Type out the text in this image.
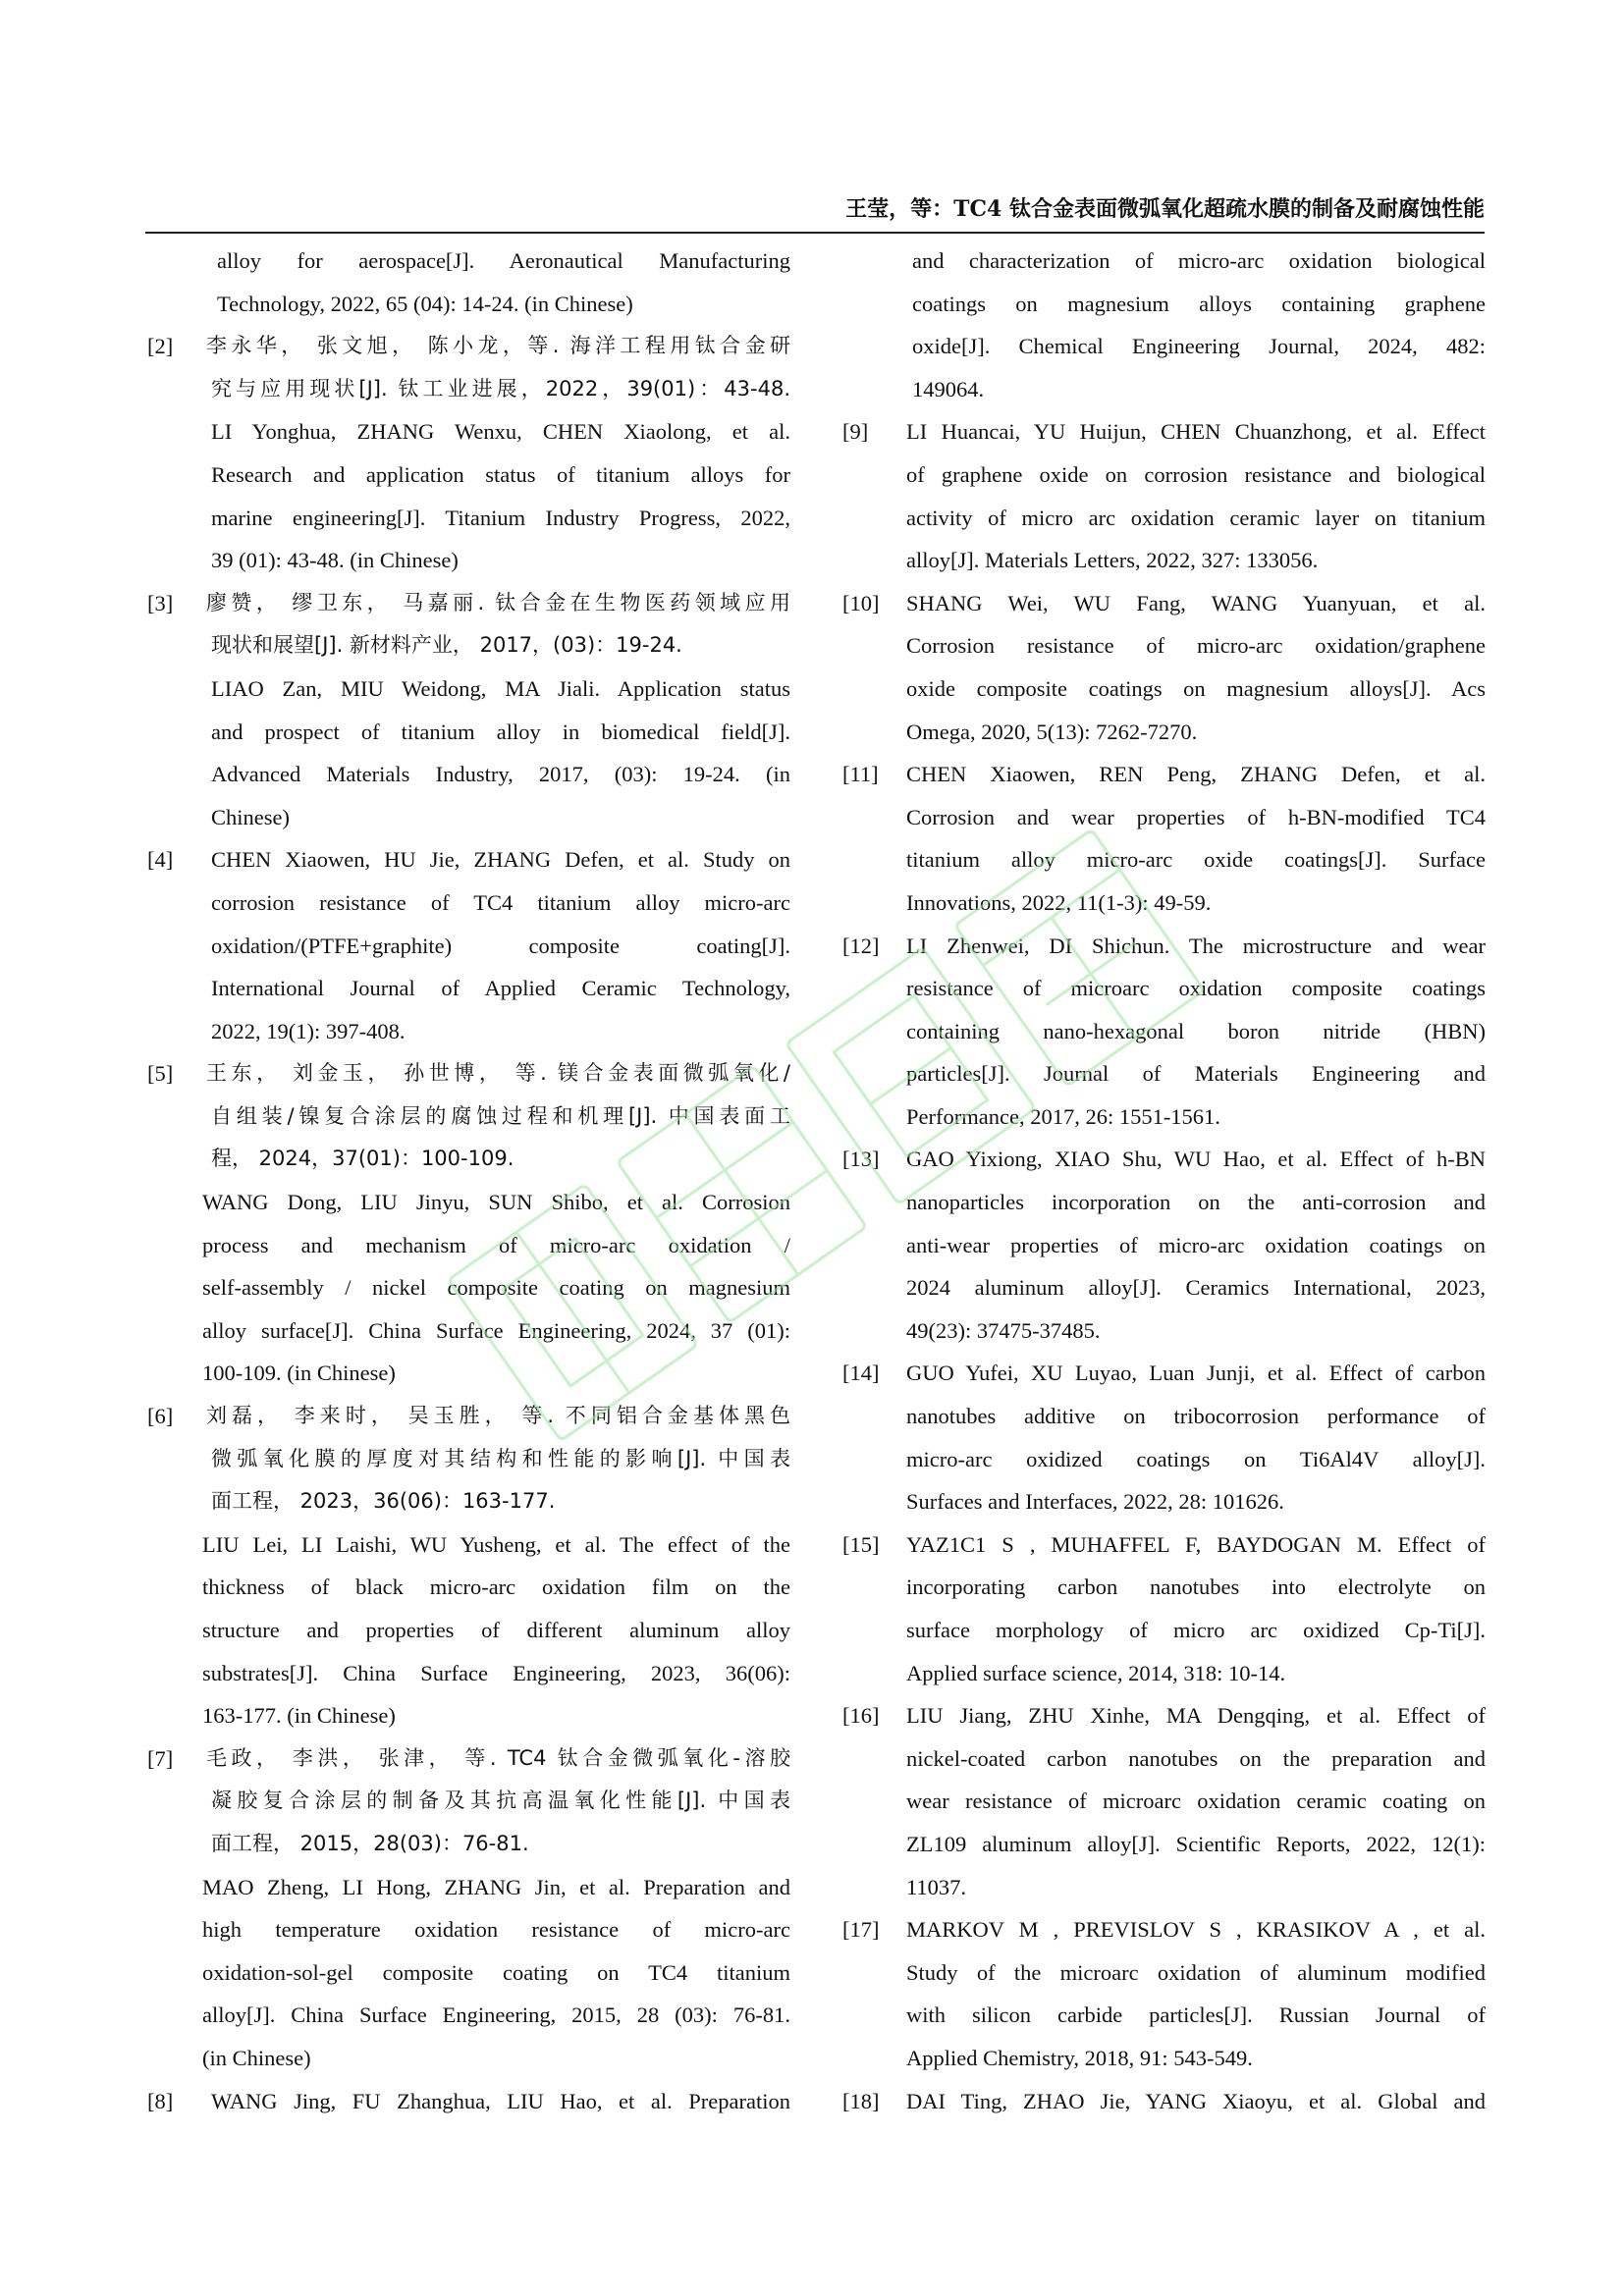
王莹，等：TC4 钛合金表面微弧氧化超疏水膜的制备及耐腐蚀性能
alloy for aerospace[J]. Aeronautical Manufacturing
Technology, 2022, 65 (04): 14-24. (in Chinese)
[2] 李永华， 张文旭， 陈小龙，等. 海洋工程用钛合金研
究与应用现状[J]. 钛工业进展，2022，39(01)：43-48.
LI Yonghua, ZHANG Wenxu, CHEN Xiaolong, et al.
Research and application status of titanium alloys for
marine engineering[J]. Titanium Industry Progress, 2022,
39 (01): 43-48. (in Chinese)
[3] 廖赞， 缪卫东， 马嘉丽. 钛合金在生物医药领域应用
现状和展望[J]. 新材料产业， 2017，(03)：19-24.
LIAO Zan, MIU Weidong, MA Jiali. Application status
and prospect of titanium alloy in biomedical field[J].
Advanced Materials Industry, 2017, (03): 19-24. (in
Chinese)
[4] CHEN Xiaowen, HU Jie, ZHANG Defen, et al. Study on
corrosion resistance of TC4 titanium alloy micro-arc
oxidation/(PTFE+graphite) composite coating[J].
International Journal of Applied Ceramic Technology,
2022, 19(1): 397-408.
[5] 王东， 刘金玉， 孙世博， 等. 镁合金表面微弧氧化/
自组装/镍复合涂层的腐蚀过程和机理[J]. 中国表面工
程， 2024，37(01)：100-109.
WANG Dong, LIU Jinyu, SUN Shibo, et al. Corrosion
process and mechanism of micro-arc oxidation /
self-assembly / nickel composite coating on magnesium
alloy surface[J]. China Surface Engineering, 2024, 37 (01):
100-109. (in Chinese)
[6] 刘磊， 李来时， 吴玉胜， 等. 不同铝合金基体黑色
微弧氧化膜的厚度对其结构和性能的影响[J]. 中国表
面工程， 2023，36(06)：163-177.
LIU Lei, LI Laishi, WU Yusheng, et al. The effect of the
thickness of black micro-arc oxidation film on the
structure and properties of different aluminum alloy
substrates[J]. China Surface Engineering, 2023, 36(06):
163-177. (in Chinese)
[7] 毛政， 李洪， 张津， 等. TC4 钛合金微弧氧化-溶胶
凝胶复合涂层的制备及其抗高温氧化性能[J]. 中国表
面工程， 2015，28(03)：76-81.
MAO Zheng, LI Hong, ZHANG Jin, et al. Preparation and
high temperature oxidation resistance of micro-arc
oxidation-sol-gel composite coating on TC4 titanium
alloy[J]. China Surface Engineering, 2015, 28 (03): 76-81.
(in Chinese)
[8] WANG Jing, FU Zhanghua, LIU Hao, et al. Preparation
and characterization of micro-arc oxidation biological
coatings on magnesium alloys containing graphene
oxide[J]. Chemical Engineering Journal, 2024, 482:
149064.
[9] LI Huancai, YU Huijun, CHEN Chuanzhong, et al. Effect
of graphene oxide on corrosion resistance and biological
activity of micro arc oxidation ceramic layer on titanium
alloy[J]. Materials Letters, 2022, 327: 133056.
[10] SHANG Wei, WU Fang, WANG Yuanyuan, et al.
Corrosion resistance of micro-arc oxidation/graphene
oxide composite coatings on magnesium alloys[J]. Acs
Omega, 2020, 5(13): 7262-7270.
[11] CHEN Xiaowen, REN Peng, ZHANG Defen, et al.
Corrosion and wear properties of h-BN-modified TC4
titanium alloy micro-arc oxide coatings[J]. Surface
Innovations, 2022, 11(1-3): 49-59.
[12] LI Zhenwei, DI Shichun. The microstructure and wear
resistance of microarc oxidation composite coatings
containing nano-hexagonal boron nitride (HBN)
particles[J]. Journal of Materials Engineering and
Performance, 2017, 26: 1551-1561.
[13] GAO Yixiong, XIAO Shu, WU Hao, et al. Effect of h-BN
nanoparticles incorporation on the anti-corrosion and
anti-wear properties of micro-arc oxidation coatings on
2024 aluminum alloy[J]. Ceramics International, 2023,
49(23): 37475-37485.
[14] GUO Yufei, XU Luyao, Luan Junji, et al. Effect of carbon
nanotubes additive on tribocorrosion performance of
micro-arc oxidized coatings on Ti6Al4V alloy[J].
Surfaces and Interfaces, 2022, 28: 101626.
[15] YAZ1C1 S , MUHAFFEL F, BAYDOGAN M. Effect of
incorporating carbon nanotubes into electrolyte on
surface morphology of micro arc oxidized Cp-Ti[J].
Applied surface science, 2014, 318: 10-14.
[16] LIU Jiang, ZHU Xinhe, MA Dengqing, et al. Effect of
nickel-coated carbon nanotubes on the preparation and
wear resistance of microarc oxidation ceramic coating on
ZL109 aluminum alloy[J]. Scientific Reports, 2022, 12(1):
11037.
[17] MARKOV M , PREVISLOV S , KRASIKOV A , et al.
Study of the microarc oxidation of aluminum modified
with silicon carbide particles[J]. Russian Journal of
Applied Chemistry, 2018, 91: 543-549.
[18] DAI Ting, ZHAO Jie, YANG Xiaoyu, et al. Global and
